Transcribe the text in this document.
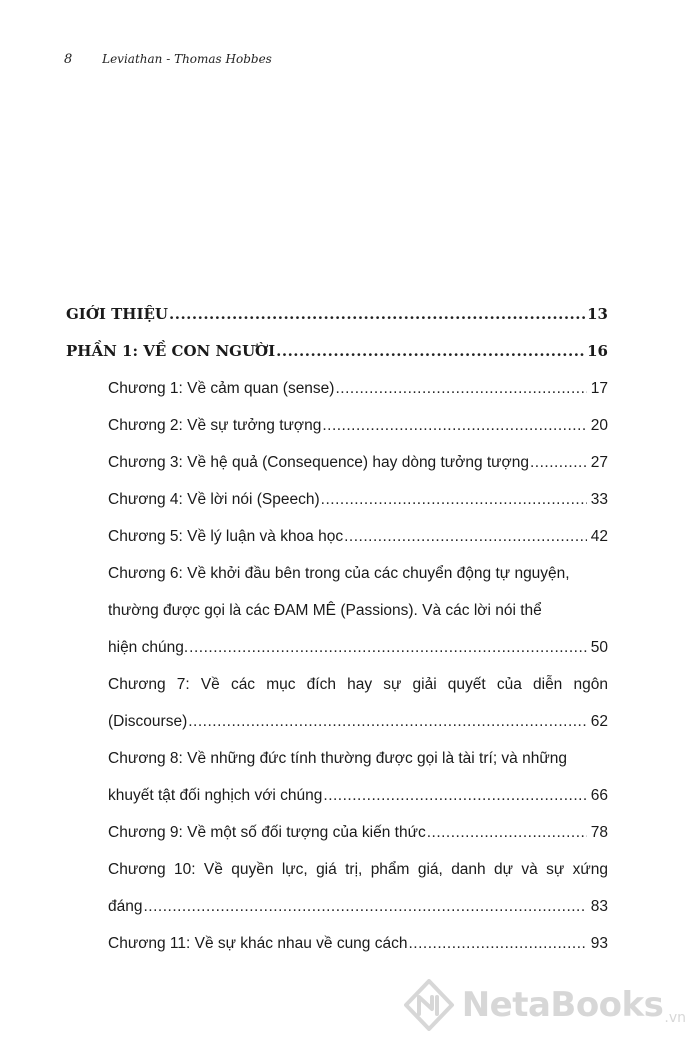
8 Leviathan - Thomas Hobbes
GIỚI THIỆU .....	13
PHẦN 1: VỀ CON NGƯỜI .....	16
Chương 1: Về cảm quan (sense) .....	17
Chương 2: Về sự tưởng tượng .....	20
Chương 3: Về hệ quả (Consequence) hay dòng tưởng tượng .....	27
Chương 4: Về lời nói (Speech) .....	33
Chương 5: Về lý luận và khoa học .....	42
Chương 6: Về khởi đầu bên trong của các chuyển động tự nguyện,
thường được gọi là các ĐAM MÊ (Passions). Và các lời nói thể
hiện chúng. .....	50
Chương 7: Về các mục đích hay sự giải quyết của diễn ngôn
(Discourse) .....	62
Chương 8: Về những đức tính thường được gọi là tài trí; và những
khuyết tật đối nghịch với chúng .....	66
Chương 9: Về một số đối tượng của kiến thức .....	78
Chương 10: Về quyền lực, giá trị, phẩm giá, danh dự và sự xứng
đáng .....	83
Chương 11: Về sự khác nhau về cung cách .....	93
NetaBooks .vn
